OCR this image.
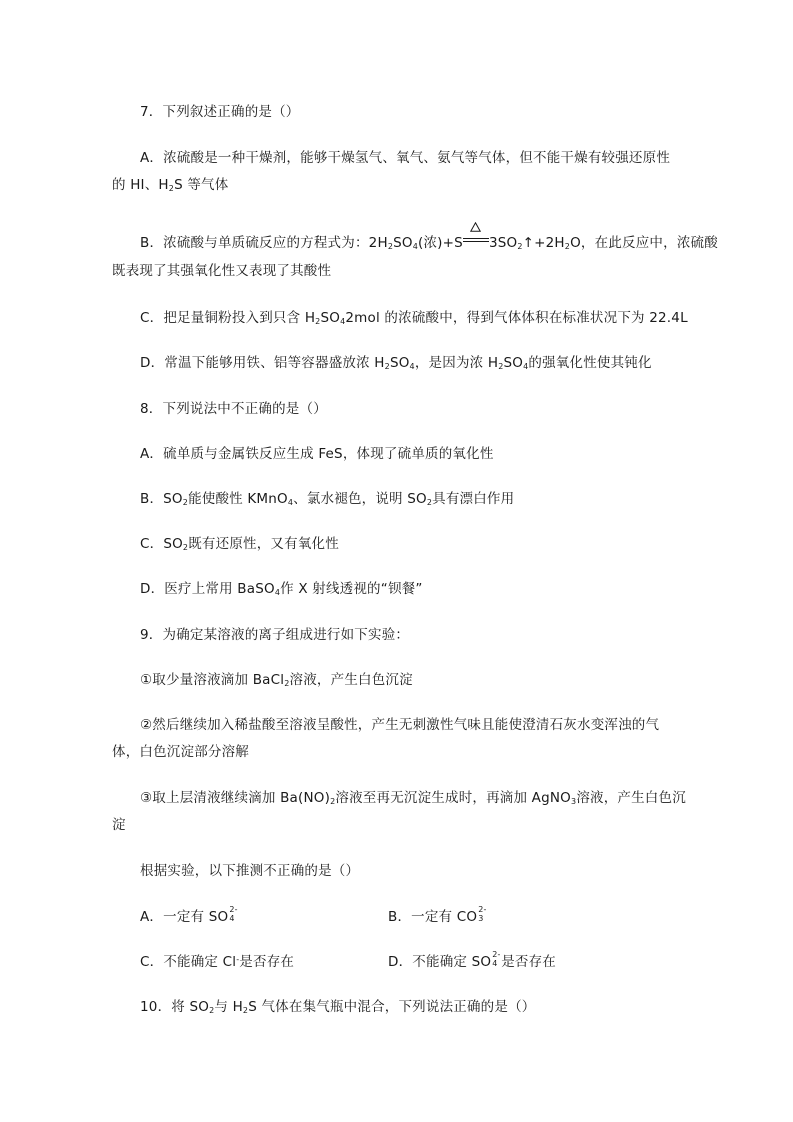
7．下列叙述正确的是（）
A．浓硫酸是一种干燥剂，能够干燥氢气、氧气、氨气等气体，但不能干燥有较强还原性
的 HI、$H_2S$ 等气体
B．浓硫酸与单质硫反应的方程式为：$2H_2SO_4$(浓)+S $3SO_2↑+2H_2O$，在此反应中，浓硫酸
既表现了其强氧化性又表现了其酸性
C．把足量铜粉投入到只含 $H_2SO_42mol$ 的浓硫酸中，得到气体体积在标准状况下为 22.4L
D．常温下能够用铁、铝等容器盛放浓 $H_2SO_4$，是因为浓 $H_2SO_4$的强氧化性使其钝化
8．下列说法中不正确的是（）
A．硫单质与金属铁反应生成 FeS，体现了硫单质的氧化性
B．$SO_2$能使酸性 KMnO$_4$、氯水褪色，说明 $SO_2$具有漂白作用
C．$SO_2$既有还原性，又有氧化性
D．医疗上常用 BaSO$_4$作 X 射线透视的“钡餐”
9．为确定某溶液的离子组成进行如下实验：
①取少量溶液滴加 BaCl$_2$溶液，产生白色沉淀
②然后继续加入稀盐酸至溶液呈酸性，产生无刺激性气味且能使澄清石灰水变浑浊的气
体，白色沉淀部分溶解
③取上层清液继续滴加 $Ba(NO)_2$溶液至再无沉淀生成时，再滴加 AgNO$_3$溶液，产生白色沉
淀
根据实验，以下推测不正确的是（）
A．一定有 SO 2-
4	B．一定有 CO 2-
3
C．不能确定 Cl-是否存在	D．不能确定 SO 2-
4 是否存在
10．将 $SO_2$与 $H_2S$ 气体在集气瓶中混合，下列说法正确的是（）
